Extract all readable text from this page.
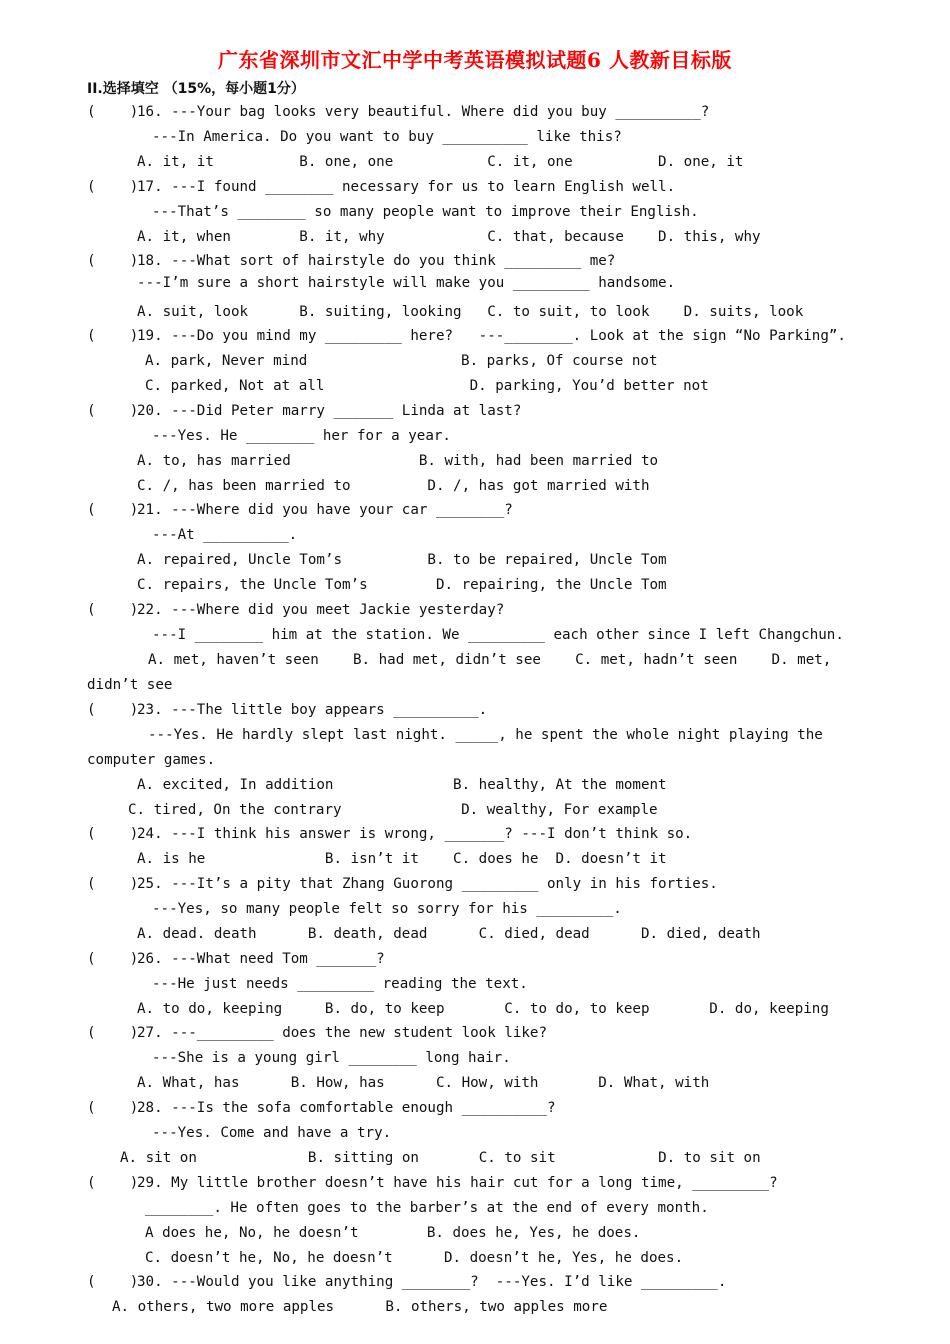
广东省深圳市文汇中学中考英语模拟试题6 人教新目标版
II.选择填空 （15%，每小题1分）
(    )
(    )
(    )
(    )
(    )
(    )
(    )
(    )
(    )
(    )
(    )
(    )
(    )
(    )
(    )
16. ---Your bag looks very beautiful. Where did you buy __________?
---In America. Do you want to buy __________ like this?
A. it, it          B. one, one           C. it, one          D. one, it
17. ---I found ________ necessary for us to learn English well.
---That’s ________ so many people want to improve their English.
A. it, when        B. it, why            C. that, because    D. this, why
18. ---What sort of hairstyle do you think _________ me?
---I’m sure a short hairstyle will make you _________ handsome.
A. suit, look      B. suiting, looking   C. to suit, to look    D. suits, look
19. ---Do you mind my _________ here?   ---________. Look at the sign “No Parking”.
A. park, Never mind                  B. parks, Of course not
C. parked, Not at all                 D. parking, You’d better not
20. ---Did Peter marry _______ Linda at last?
---Yes. He ________ her for a year.
A. to, has married               B. with, had been married to
C. /, has been married to         D. /, has got married with
21. ---Where did you have your car ________?
---At __________.
A. repaired, Uncle Tom’s          B. to be repaired, Uncle Tom
C. repairs, the Uncle Tom’s        D. repairing, the Uncle Tom
22. ---Where did you meet Jackie yesterday?
---I ________ him at the station. We _________ each other since I left Changchun.
A. met, haven’t seen    B. had met, didn’t see    C. met, hadn’t seen    D. met,
didn’t see
23. ---The little boy appears __________.
---Yes. He hardly slept last night. _____, he spent the whole night playing the
computer games.
A. excited, In addition              B. healthy, At the moment
C. tired, On the contrary              D. wealthy, For example
24. ---I think his answer is wrong, _______? ---I don’t think so.
A. is he              B. isn’t it    C. does he  D. doesn’t it
25. ---It’s a pity that Zhang Guorong _________ only in his forties.
---Yes, so many people felt so sorry for his _________.
A. dead. death      B. death, dead      C. died, dead      D. died, death
26. ---What need Tom _______?
---He just needs _________ reading the text.
A. to do, keeping     B. do, to keep       C. to do, to keep       D. do, keeping
27. ---_________ does the new student look like?
---She is a young girl ________ long hair.
A. What, has      B. How, has      C. How, with       D. What, with
28. ---Is the sofa comfortable enough __________?
---Yes. Come and have a try.
A. sit on             B. sitting on       C. to sit            D. to sit on
29. My little brother doesn’t have his hair cut for a long time, _________?
________. He often goes to the barber’s at the end of every month.
A does he, No, he doesn’t        B. does he, Yes, he does.
C. doesn’t he, No, he doesn’t      D. doesn’t he, Yes, he does.
30. ---Would you like anything ________?  ---Yes. I’d like _________.
A. others, two more apples      B. others, two apples more
